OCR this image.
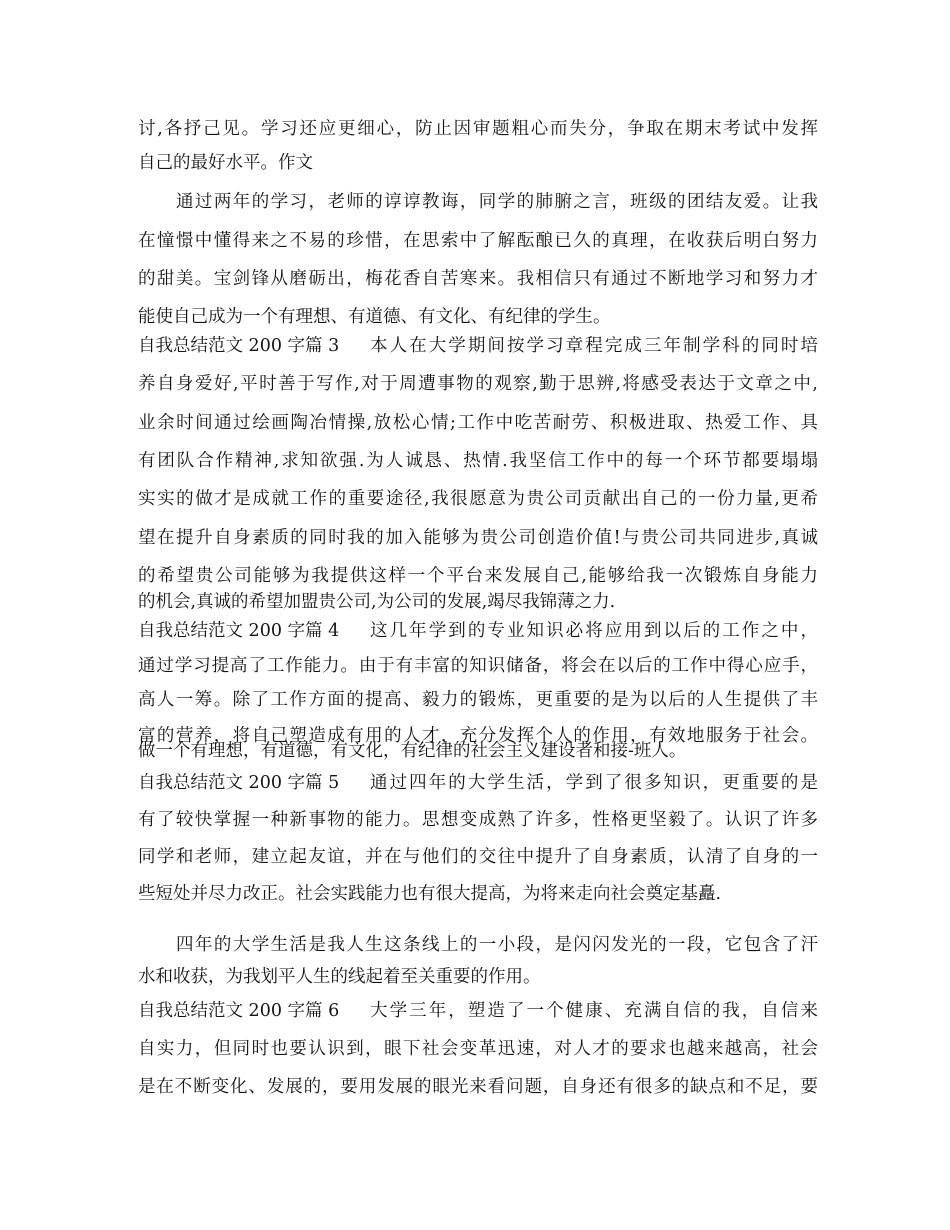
讨,各抒己见。学习还应更细心，防止因审题粗心而失分，争取在期末考试中发挥
自己的最好水平。作文
通过两年的学习，老师的谆谆教诲，同学的肺腑之言，班级的团结友爱。让我
在憧憬中懂得来之不易的珍惜，在思索中了解酝酿已久的真理，在收获后明白努力
的甜美。宝剑锋从磨砺出，梅花香自苦寒来。我相信只有通过不断地学习和努力才
能使自己成为一个有理想、有道德、有文化、有纪律的学生。
自我总结范文 200 字篇 3 本人在大学期间按学习章程完成三年制学科的同时培
养自身爱好,平时善于写作,对于周遭事物的观察,勤于思辨,将感受表达于文章之中,
业余时间通过绘画陶冶情操,放松心情;工作中吃苦耐劳、积极进取、热爱工作、具
有团队合作精神,求知欲强.为人诚恳、热情.我坚信工作中的每一个环节都要塌塌
实实的做才是成就工作的重要途径,我很愿意为贵公司贡献出自己的一份力量,更希
望在提升自身素质的同时我的加入能够为贵公司创造价值!与贵公司共同进步,真诚
的希望贵公司能够为我提供这样一个平台来发展自己,能够给我一次锻炼自身能力
的机会,真诚的希望加盟贵公司,为公司的发展,竭尽我锦薄之力.
自我总结范文 200 字篇 4 这几年学到的专业知识必将应用到以后的工作之中，
通过学习提高了工作能力。由于有丰富的知识储备，将会在以后的工作中得心应手，
高人一筹。除了工作方面的提高、毅力的锻炼，更重要的是为以后的人生提供了丰
富的营养，将自己塑造成有用的人才，充分发挥个人的作用，有效地服务于社会。
做一个有理想，有道德，有文化，有纪律的社会主义建设者和接-班人。
自我总结范文 200 字篇 5 通过四年的大学生活，学到了很多知识，更重要的是
有了较快掌握一种新事物的能力。思想变成熟了许多，性格更坚毅了。认识了许多
同学和老师，建立起友谊，并在与他们的交往中提升了自身素质，认清了自身的一
些短处并尽力改正。社会实践能力也有很大提高，为将来走向社会奠定基矗.
四年的大学生活是我人生这条线上的一小段，是闪闪发光的一段，它包含了汗
水和收获，为我划平人生的线起着至关重要的作用。
自我总结范文 200 字篇 6 大学三年，塑造了一个健康、充满自信的我，自信来
自实力，但同时也要认识到，眼下社会变革迅速，对人才的要求也越来越高，社会
是在不断变化、发展的，要用发展的眼光来看问题，自身还有很多的缺点和不足，要
